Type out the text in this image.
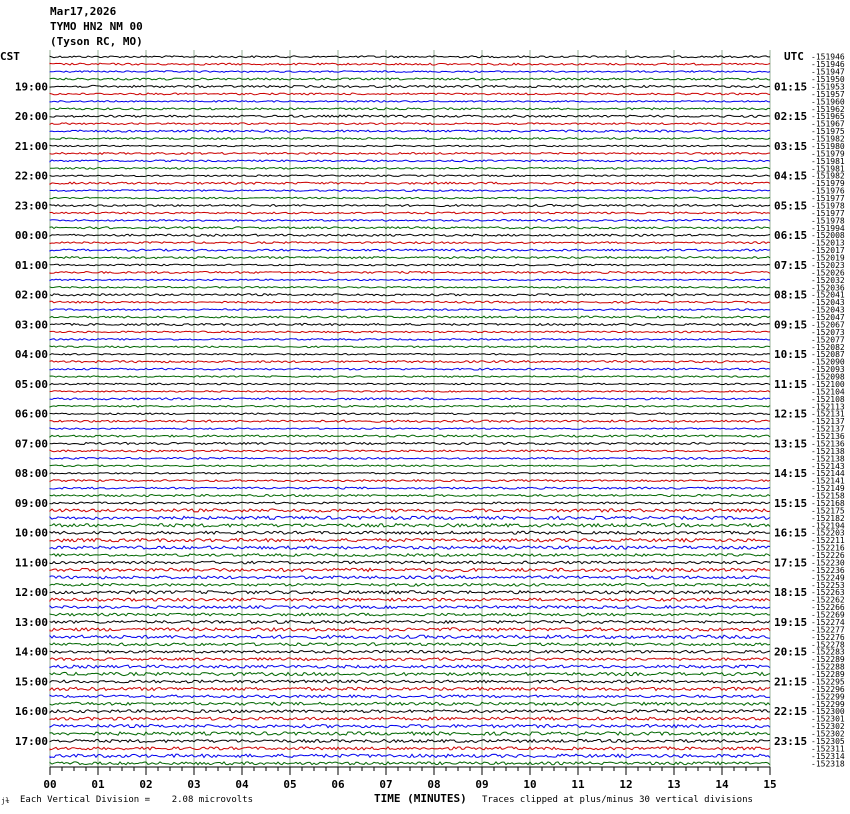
Mar17,2026
TYMO HN2 NM 00
(Tyson RC, MO)
-151946
-151946
-151947
-151950
-151953
-151957
-151960
-151962
-151965
-151967
-151975
-151982
-151980
-151979
-151981
-151981
-151982
-151979
-151976
-151977
-151978
-151977
-151978
-151994
-152008
-152013
-152017
-152019
-152023
-152026
-152032
-152036
-152041
-152043
-152043
-152047
-152067
-152073
-152077
-152082
-152087
-152090
-152093
-152098
-152100
-152104
-152108
-152113
-152131
-152137
-152137
-152136
-152136
-152138
-152138
-152143
-152144
-152141
-152149
-152158
-152168
-152175
-152182
-152194
-152203
-152211
-152216
-152226
-152230
-152236
-152249
-152253
-152263
-152262
-152266
-152269
-152274
-152277
-152276
-152278
-152283
-152289
-152288
-152289
-152295
-152296
-152299
-152299
-152300
-152301
-152302
-152302
-152305
-152311
-152314
-152318
CST	UTC
19:00	01:15
20:00	02:15
21:00	03:15
22:00	04:15
23:00	05:15
00:00	06:15
01:00	07:15
02:00	08:15
03:00	09:15
04:00	10:15
05:00	11:15
06:00	12:15
07:00	13:15
08:00	14:15
09:00	15:15
10:00	16:15
11:00	17:15
12:00	18:15
13:00	19:15
14:00	20:15
15:00	21:15
16:00	22:15
17:00	23:15
00	01	02	03	04	05	06	07	08	09	10	11	12	13	14	15
јɫ Each Vertical Division =    2.08 microvolts	TIME (MINUTES) Traces clipped at plus/minus 30 vertical divisions
